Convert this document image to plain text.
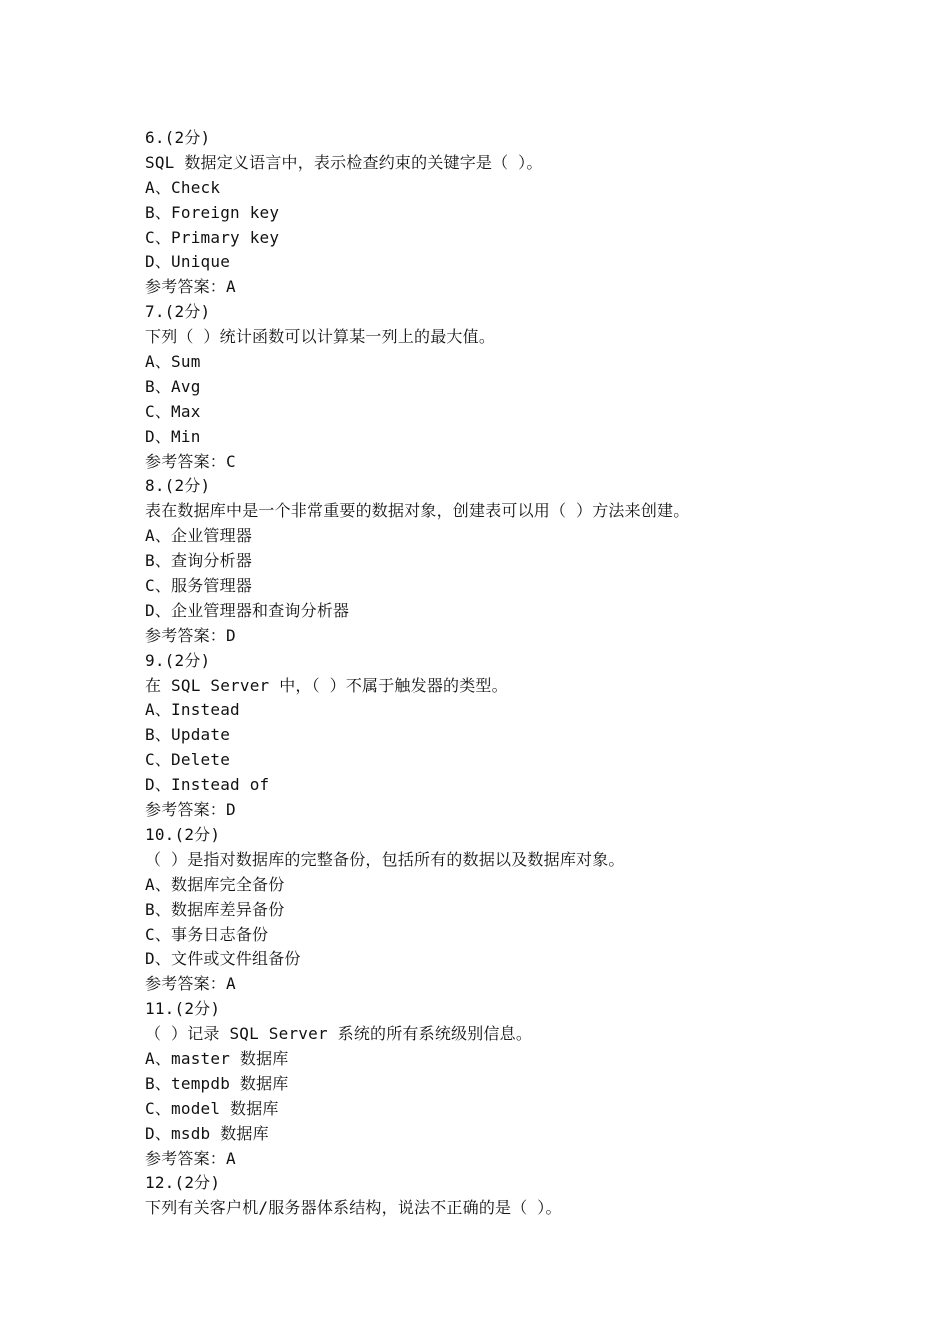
6.(2分)
SQL 数据定义语言中，表示检查约束的关键字是（ ）。
A、Check
B、Foreign key
C、Primary key
D、Unique
参考答案：A
7.(2分)
下列（ ）统计函数可以计算某一列上的最大值。
A、Sum
B、Avg
C、Max
D、Min
参考答案：C
8.(2分)
表在数据库中是一个非常重要的数据对象，创建表可以用（ ）方法来创建。
A、企业管理器
B、查询分析器
C、服务管理器
D、企业管理器和查询分析器
参考答案：D
9.(2分)
在 SQL Server 中，（ ）不属于触发器的类型。
A、Instead
B、Update
C、Delete
D、Instead of
参考答案：D
10.(2分)
（ ）是指对数据库的完整备份，包括所有的数据以及数据库对象。
A、数据库完全备份
B、数据库差异备份
C、事务日志备份
D、文件或文件组备份
参考答案：A
11.(2分)
（ ）记录 SQL Server 系统的所有系统级别信息。
A、master 数据库
B、tempdb 数据库
C、model 数据库
D、msdb 数据库
参考答案：A
12.(2分)
下列有关客户机/服务器体系结构，说法不正确的是（ ）。
